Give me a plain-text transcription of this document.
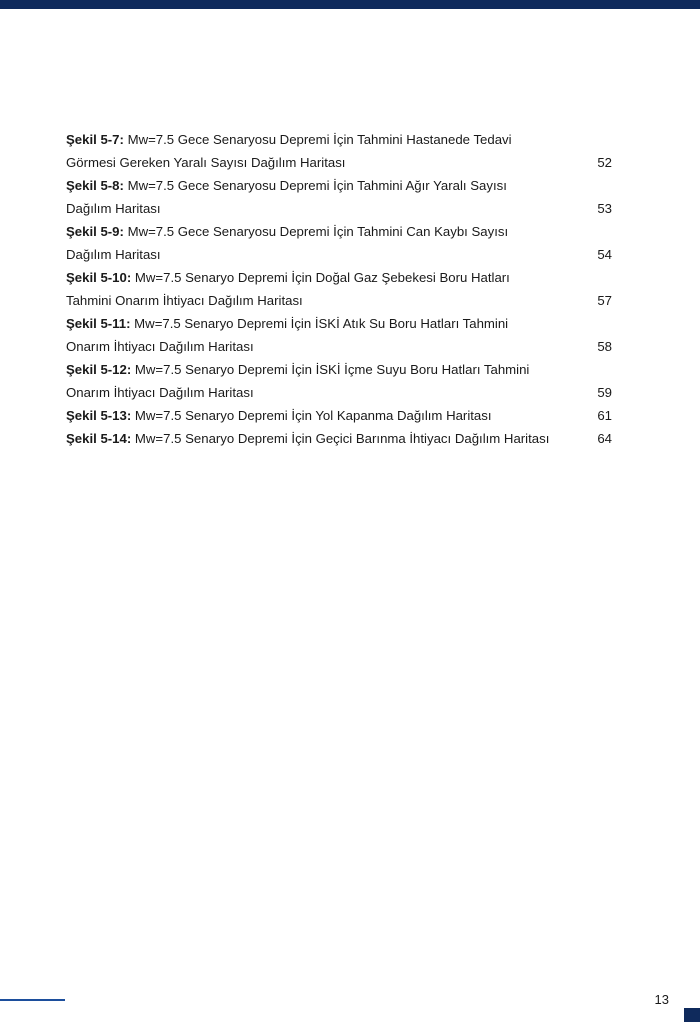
Şekil 5-7: Mw=7.5 Gece Senaryosu Depremi İçin Tahmini Hastanede Tedavi
Görmesi Gereken Yaralı Sayısı Dağılım Haritası	52
Şekil 5-8: Mw=7.5 Gece Senaryosu Depremi İçin Tahmini Ağır Yaralı Sayısı
Dağılım Haritası	53
Şekil 5-9: Mw=7.5 Gece Senaryosu Depremi İçin Tahmini Can Kaybı Sayısı
Dağılım Haritası	54
Şekil 5-10: Mw=7.5 Senaryo Depremi İçin Doğal Gaz Şebekesi Boru Hatları
Tahmini Onarım İhtiyacı Dağılım Haritası	57
Şekil 5-11: Mw=7.5 Senaryo Depremi İçin İSKİ Atık Su Boru Hatları Tahmini
Onarım İhtiyacı Dağılım Haritası	58
Şekil 5-12: Mw=7.5 Senaryo Depremi İçin İSKİ İçme Suyu Boru Hatları Tahmini
Onarım İhtiyacı Dağılım Haritası	59
Şekil 5-13: Mw=7.5 Senaryo Depremi İçin Yol Kapanma Dağılım Haritası	61
Şekil 5-14: Mw=7.5 Senaryo Depremi İçin Geçici Barınma İhtiyacı Dağılım Haritası	64
13
